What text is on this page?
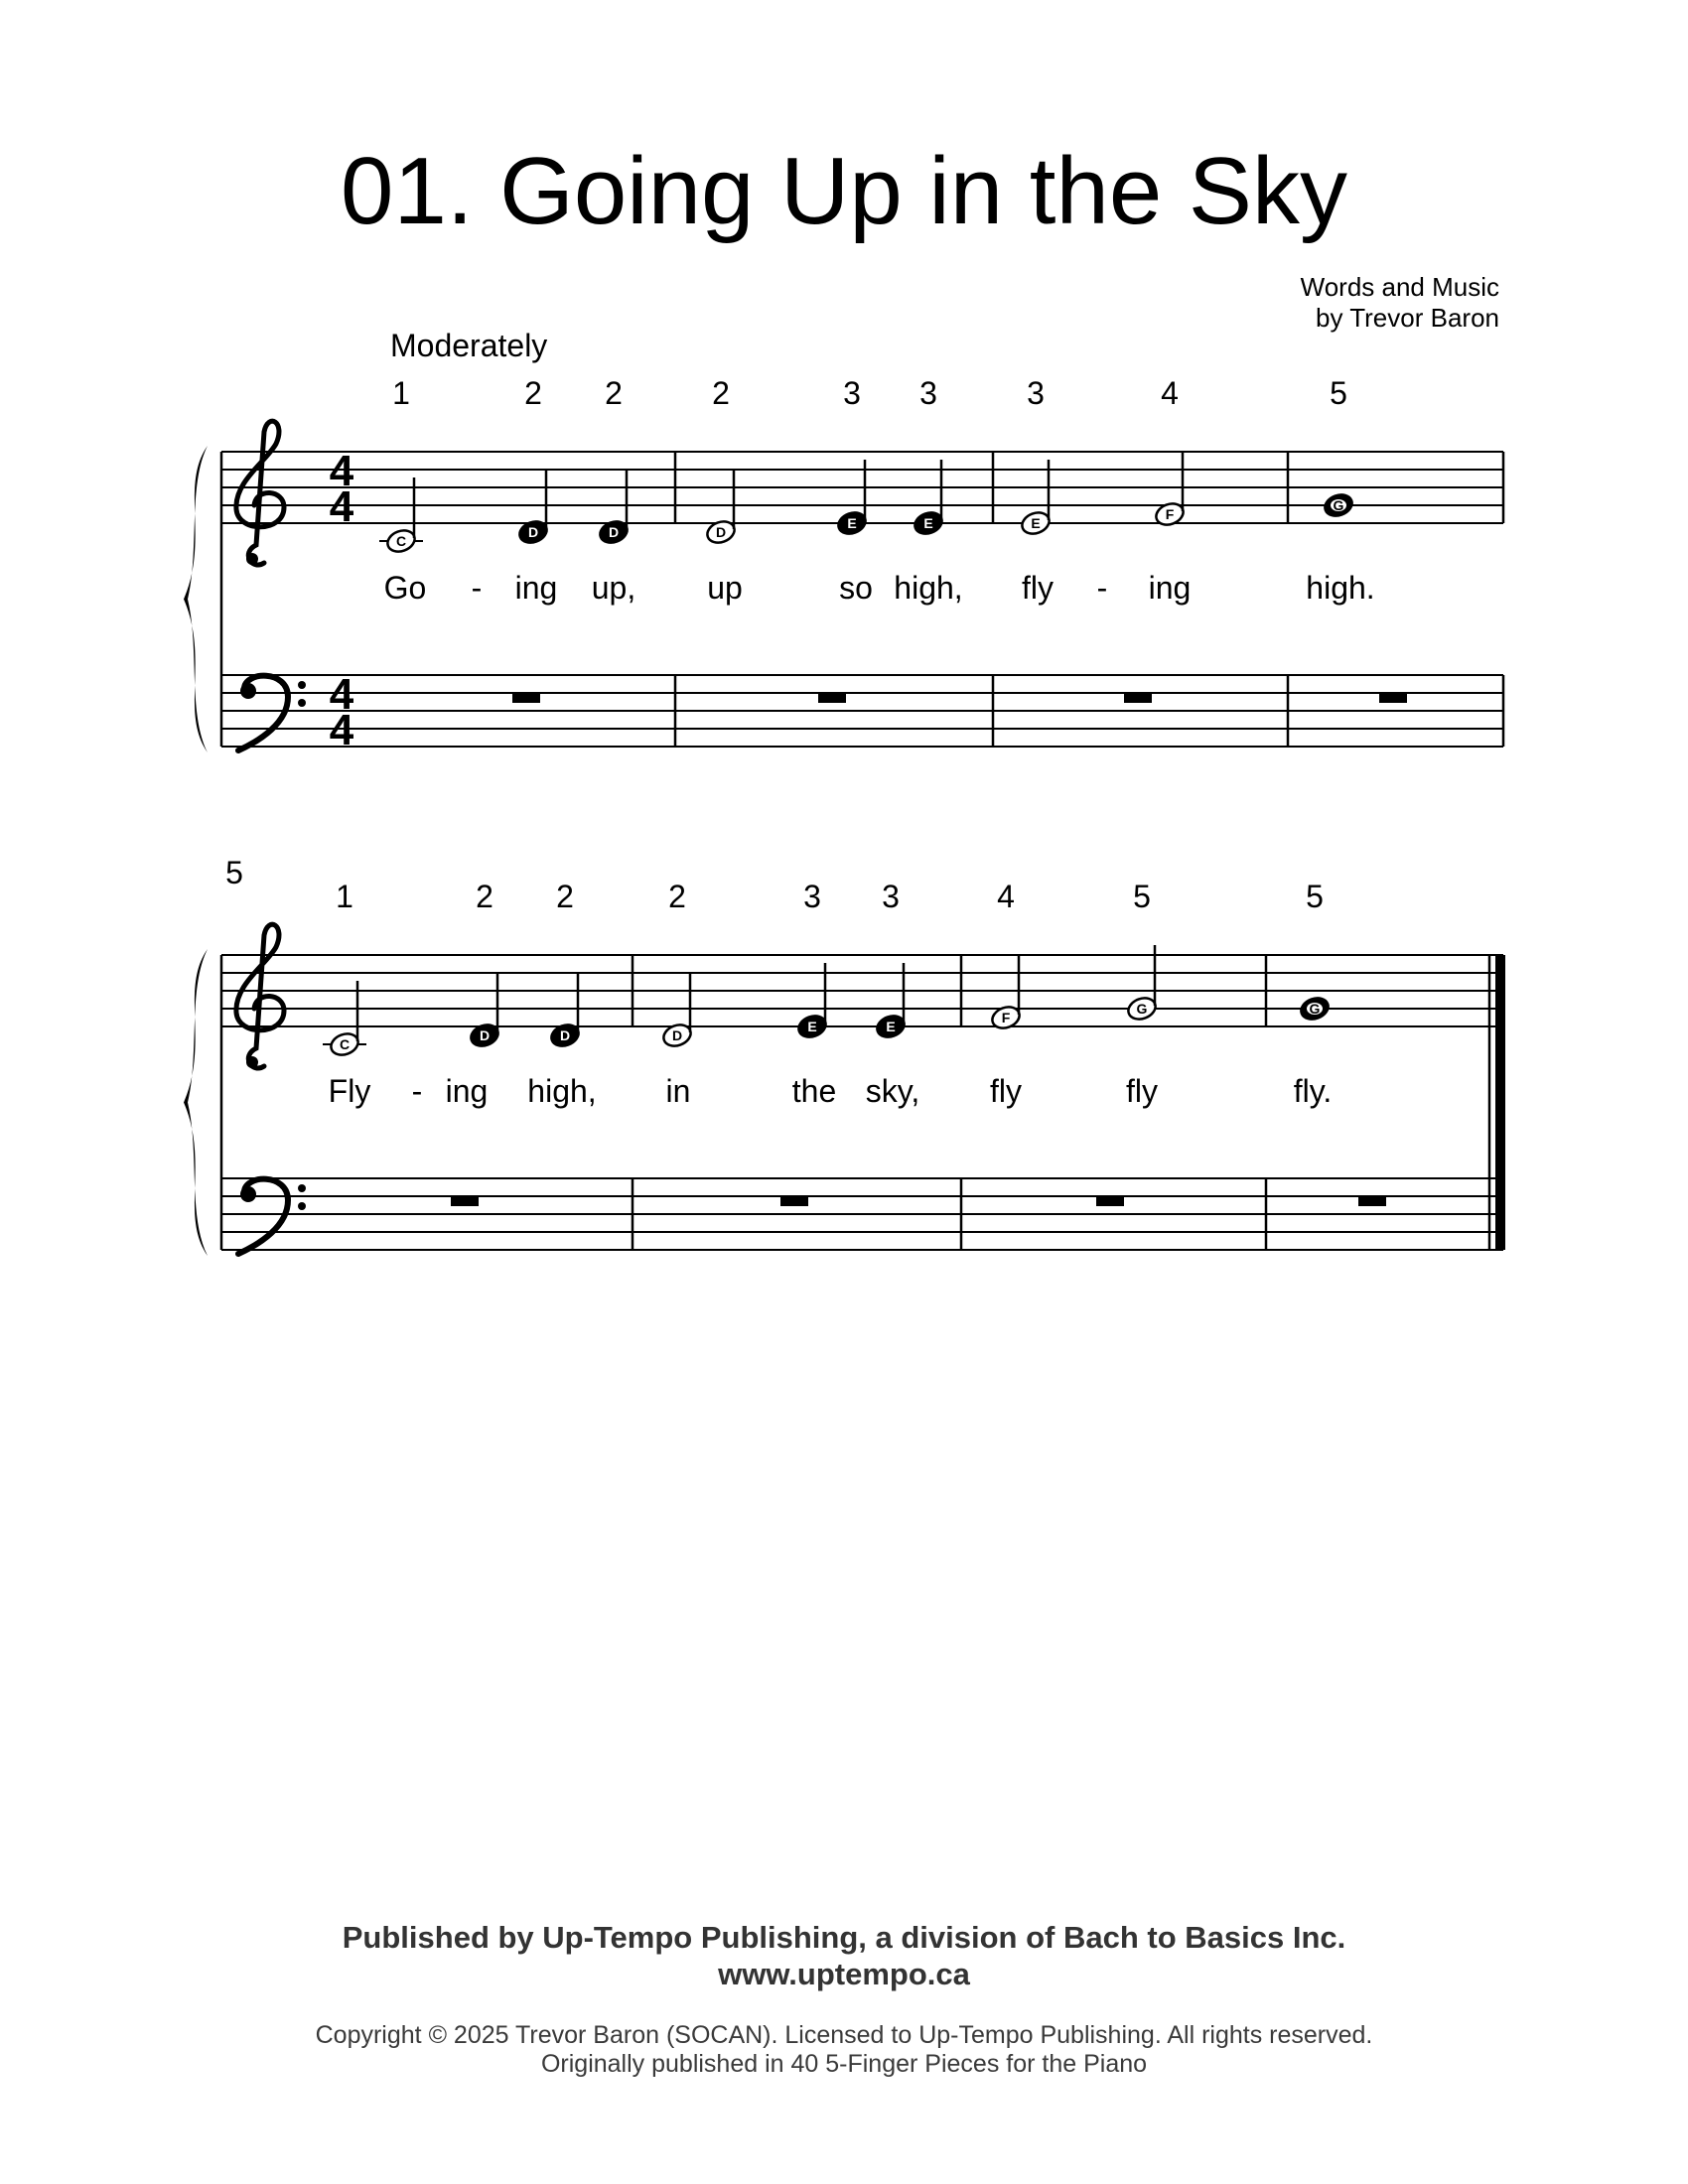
01. Going Up in the Sky
Words and Music
by Trevor Baron
Moderately
4
4
4
4
C
1
D
2
D
2
Go - ing up,
D
2
E
3
E
3
up	so high,
E
3
F
4
fly - ing
G
5
high.
5
C
1
D
2
D
2
Fly - ing high,
D
2
E
3
E
3
in	the sky,
F
4
G
5
fly	fly
G
5
fly.
Published by Up-Tempo Publishing, a division of Bach to Basics Inc.
www.uptempo.ca
Copyright © 2025 Trevor Baron (SOCAN). Licensed to Up-Tempo Publishing. All rights reserved.
Originally published in 40 5-Finger Pieces for the Piano
